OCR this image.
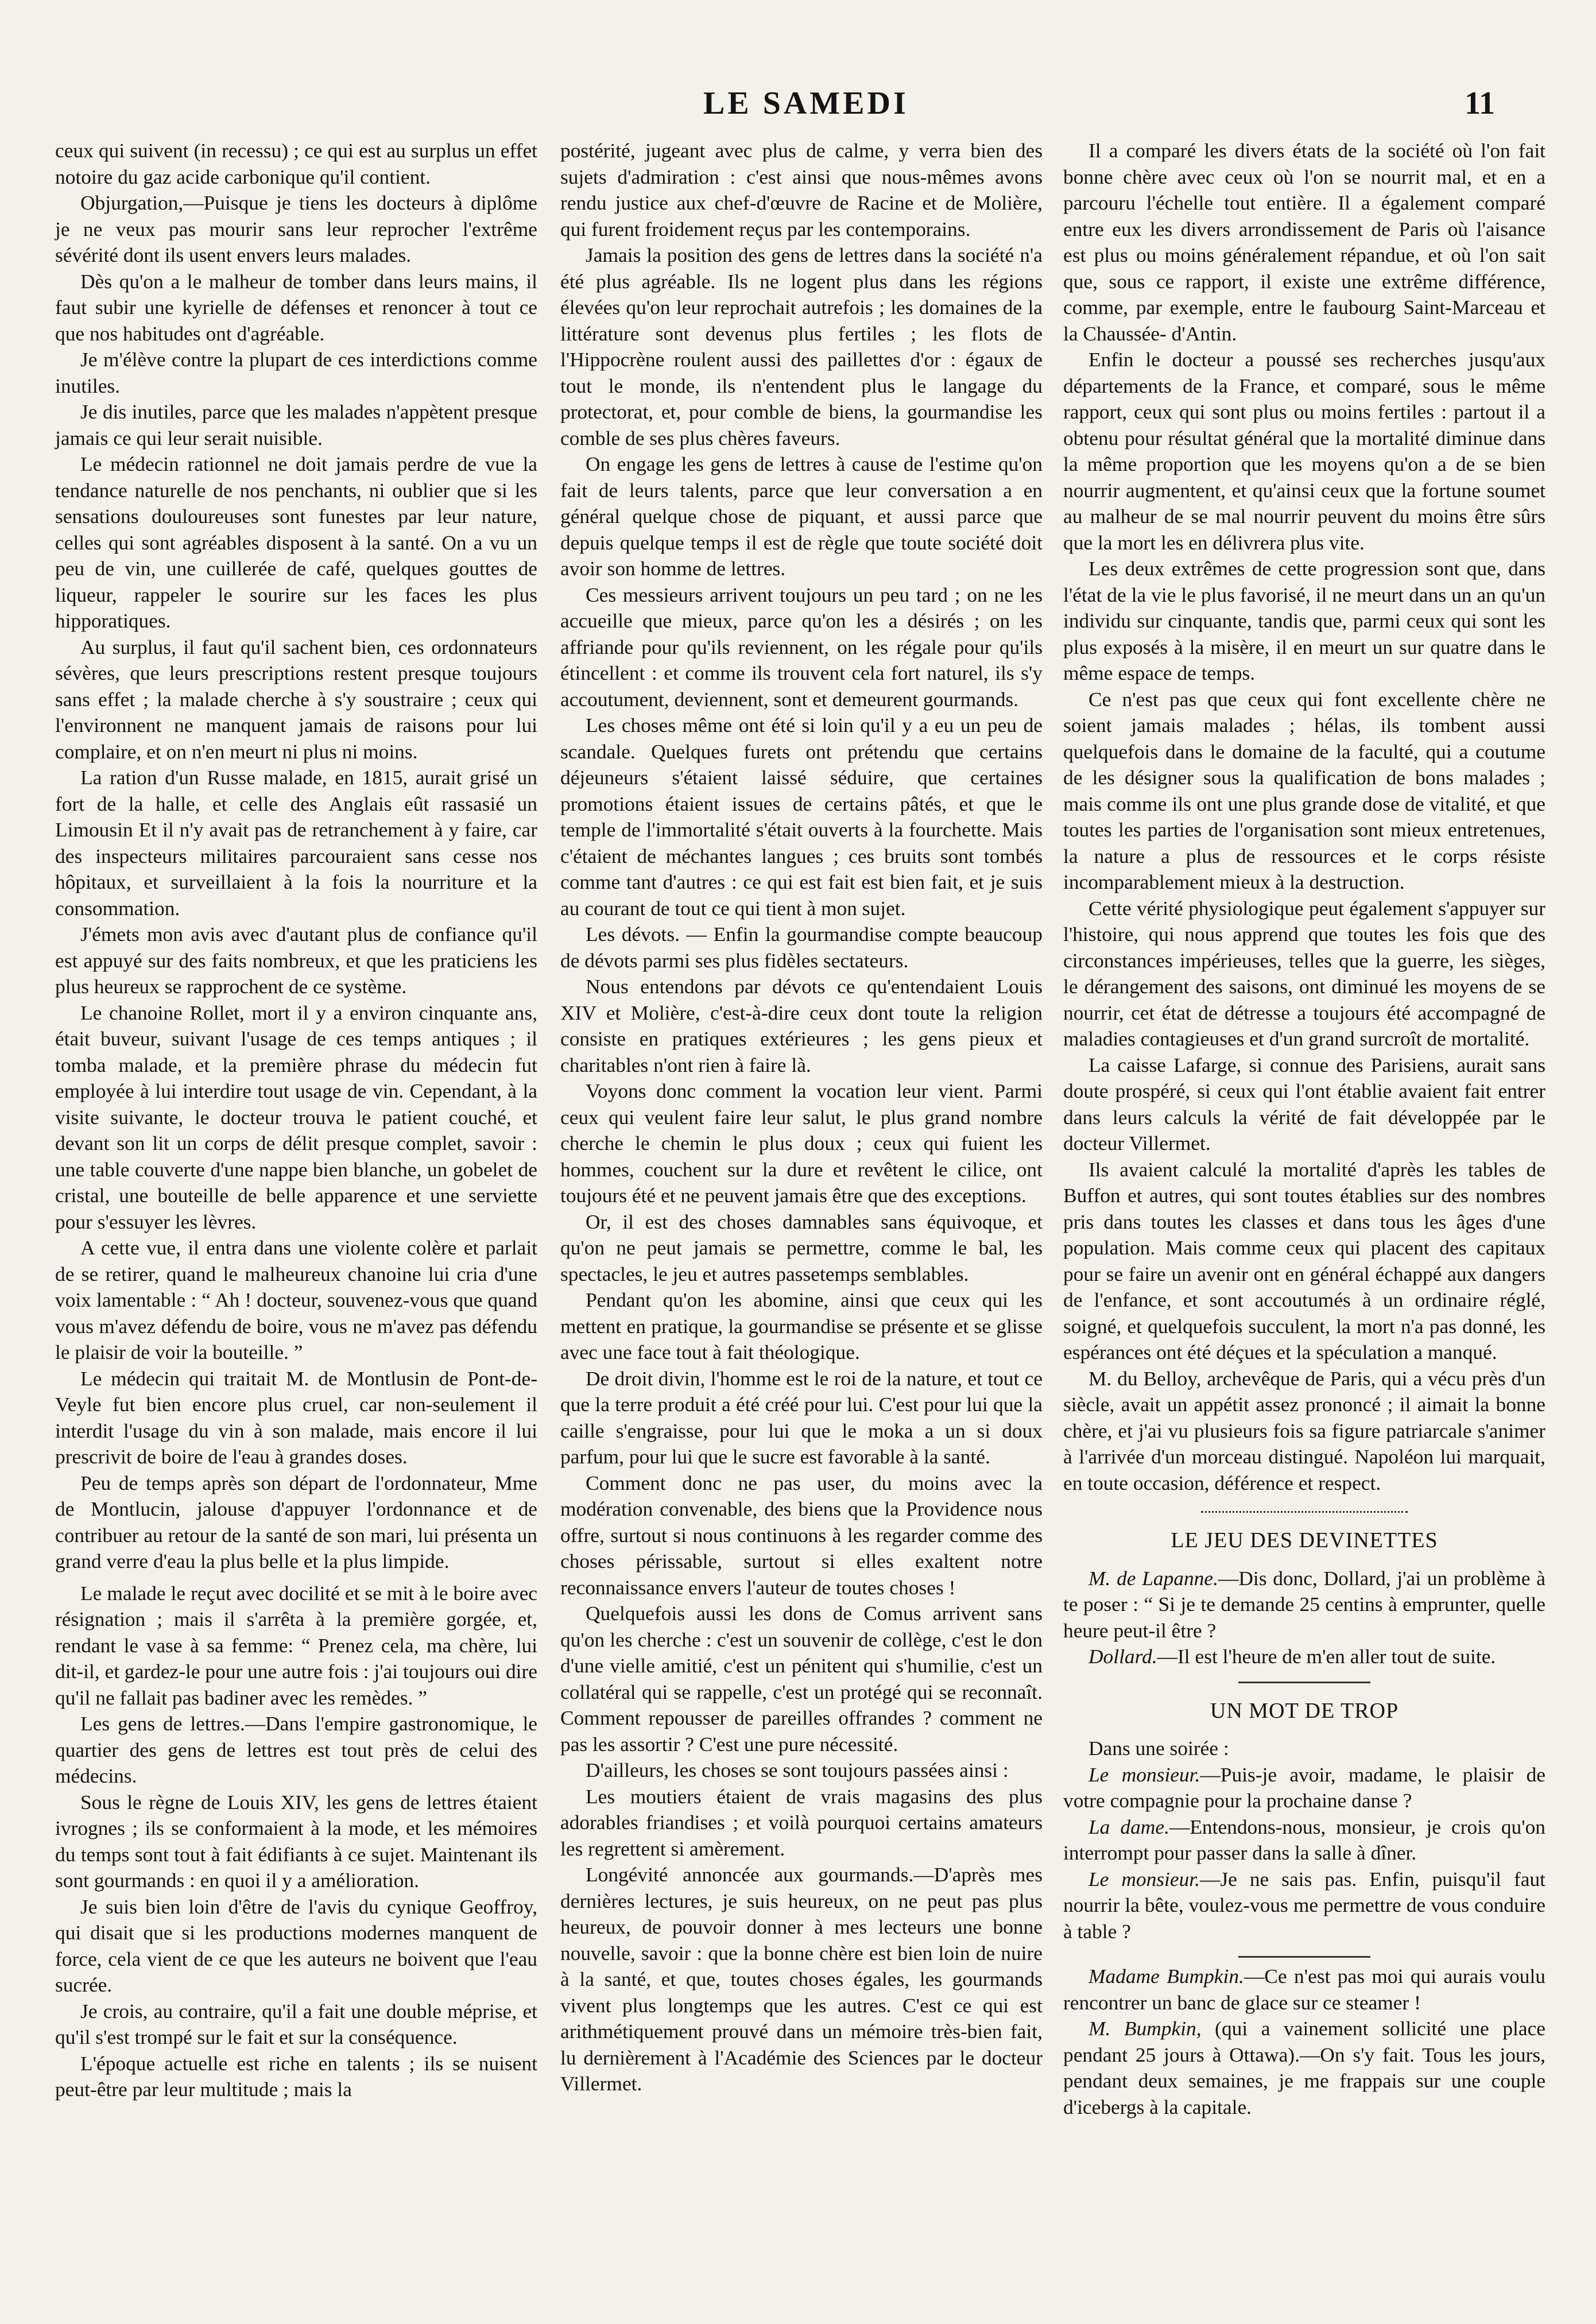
LE SAMEDI	11

ceux qui suivent (in recessu) ; ce qui est au surplus un effet notoire du gaz acide carbonique qu'il contient.

Objurgation,—Puisque je tiens les docteurs à diplôme je ne veux pas mourir sans leur reprocher l'extrême sévérité dont ils usent envers leurs malades.

Dès qu'on a le malheur de tomber dans leurs mains, il faut subir une kyrielle de défenses et renoncer à tout ce que nos habitudes ont d'agréable.

Je m'élève contre la plupart de ces interdictions comme inutiles.

Je dis inutiles, parce que les malades n'appètent presque jamais ce qui leur serait nuisible.

Le médecin rationnel ne doit jamais perdre de vue la tendance naturelle de nos penchants, ni oublier que si les sensations douloureuses sont funestes par leur nature, celles qui sont agréables disposent à la santé. On a vu un peu de vin, une cuillerée de café, quelques gouttes de liqueur, rappeler le sourire sur les faces les plus hipporatiques.

Au surplus, il faut qu'il sachent bien, ces ordonnateurs sévères, que leurs prescriptions restent presque toujours sans effet ; la malade cherche à s'y soustraire ; ceux qui l'environnent ne manquent jamais de raisons pour lui complaire, et on n'en meurt ni plus ni moins.

La ration d'un Russe malade, en 1815, aurait grisé un fort de la halle, et celle des Anglais eût rassasié un Limousin Et il n'y avait pas de retranchement à y faire, car des inspecteurs militaires parcouraient sans cesse nos hôpitaux, et surveillaient à la fois la nourriture et la consommation.

J'émets mon avis avec d'autant plus de confiance qu'il est appuyé sur des faits nombreux, et que les praticiens les plus heureux se rapprochent de ce système.

Le chanoine Rollet, mort il y a environ cinquante ans, était buveur, suivant l'usage de ces temps antiques ; il tomba malade, et la première phrase du médecin fut employée à lui interdire tout usage de vin. Cependant, à la visite suivante, le docteur trouva le patient couché, et devant son lit un corps de délit presque complet, savoir : une table couverte d'une nappe bien blanche, un gobelet de cristal, une bouteille de belle apparence et une serviette pour s'essuyer les lèvres.

A cette vue, il entra dans une violente colère et parlait de se retirer, quand le malheureux chanoine lui cria d'une voix lamentable : “ Ah ! docteur, souvenez-vous que quand vous m'avez défendu de boire, vous ne m'avez pas défendu le plaisir de voir la bouteille. ”

Le médecin qui traitait M. de Montlusin de Pont-de-Veyle fut bien encore plus cruel, car non-seulement il interdit l'usage du vin à son malade, mais encore il lui prescrivit de boire de l'eau à grandes doses.

Peu de temps après son départ de l'ordonnateur, Mme de Montlucin, jalouse d'appuyer l'ordonnance et de contribuer au retour de la santé de son mari, lui présenta un grand verre d'eau la plus belle et la plus limpide.

Le malade le reçut avec docilité et se mit à le boire avec résignation ; mais il s'arrêta à la première gorgée, et, rendant le vase à sa femme: “ Prenez cela, ma chère, lui dit-il, et gardez-le pour une autre fois : j'ai toujours oui dire qu'il ne fallait pas badiner avec les remèdes. ”

Les gens de lettres.—Dans l'empire gastronomique, le quartier des gens de lettres est tout près de celui des médecins.

Sous le règne de Louis XIV, les gens de lettres étaient ivrognes ; ils se conformaient à la mode, et les mémoires du temps sont tout à fait édifiants à ce sujet. Maintenant ils sont gourmands : en quoi il y a amélioration.

Je suis bien loin d'être de l'avis du cynique Geoffroy, qui disait que si les productions modernes manquent de force, cela vient de ce que les auteurs ne boivent que l'eau sucrée.

Je crois, au contraire, qu'il a fait une double méprise, et qu'il s'est trompé sur le fait et sur la conséquence.

L'époque actuelle est riche en talents ; ils se nuisent peut-être par leur multitude ; mais la

postérité, jugeant avec plus de calme, y verra bien des sujets d'admiration : c'est ainsi que nous-mêmes avons rendu justice aux chef-d'œuvre de Racine et de Molière, qui furent froidement reçus par les contemporains.

Jamais la position des gens de lettres dans la société n'a été plus agréable. Ils ne logent plus dans les régions élevées qu'on leur reprochait autrefois ; les domaines de la littérature sont devenus plus fertiles ; les flots de l'Hippocrène roulent aussi des paillettes d'or : égaux de tout le monde, ils n'entendent plus le langage du protectorat, et, pour comble de biens, la gourmandise les comble de ses plus chères faveurs.

On engage les gens de lettres à cause de l'estime qu'on fait de leurs talents, parce que leur conversation a en général quelque chose de piquant, et aussi parce que depuis quelque temps il est de règle que toute société doit avoir son homme de lettres.

Ces messieurs arrivent toujours un peu tard ; on ne les accueille que mieux, parce qu'on les a désirés ; on les affriande pour qu'ils reviennent, on les régale pour qu'ils étincellent : et comme ils trouvent cela fort naturel, ils s'y accoutument, deviennent, sont et demeurent gourmands.

Les choses même ont été si loin qu'il y a eu un peu de scandale. Quelques furets ont prétendu que certains déjeuneurs s'étaient laissé séduire, que certaines promotions étaient issues de certains pâtés, et que le temple de l'immortalité s'était ouverts à la fourchette. Mais c'étaient de méchantes langues ; ces bruits sont tombés comme tant d'autres : ce qui est fait est bien fait, et je suis au courant de tout ce qui tient à mon sujet.

Les dévots. — Enfin la gourmandise compte beaucoup de dévots parmi ses plus fidèles sectateurs.

Nous entendons par dévots ce qu'entendaient Louis XIV et Molière, c'est-à-dire ceux dont toute la religion consiste en pratiques extérieures ; les gens pieux et charitables n'ont rien à faire là.

Voyons donc comment la vocation leur vient. Parmi ceux qui veulent faire leur salut, le plus grand nombre cherche le chemin le plus doux ; ceux qui fuient les hommes, couchent sur la dure et revêtent le cilice, ont toujours été et ne peuvent jamais être que des exceptions.

Or, il est des choses damnables sans équivoque, et qu'on ne peut jamais se permettre, comme le bal, les spectacles, le jeu et autres passetemps semblables.

Pendant qu'on les abomine, ainsi que ceux qui les mettent en pratique, la gourmandise se présente et se glisse avec une face tout à fait théologique.

De droit divin, l'homme est le roi de la nature, et tout ce que la terre produit a été créé pour lui. C'est pour lui que la caille s'engraisse, pour lui que le moka a un si doux parfum, pour lui que le sucre est favorable à la santé.

Comment donc ne pas user, du moins avec la modération convenable, des biens que la Providence nous offre, surtout si nous continuons à les regarder comme des choses périssable, surtout si elles exaltent notre reconnaissance envers l'auteur de toutes choses !

Quelquefois aussi les dons de Comus arrivent sans qu'on les cherche : c'est un souvenir de collège, c'est le don d'une vielle amitié, c'est un pénitent qui s'humilie, c'est un collatéral qui se rappelle, c'est un protégé qui se reconnaît. Comment repousser de pareilles offrandes ? comment ne pas les assortir ? C'est une pure nécessité.

D'ailleurs, les choses se sont toujours passées ainsi :

Les moutiers étaient de vrais magasins des plus adorables friandises ; et voilà pourquoi certains amateurs les regrettent si amèrement.

Longévité annoncée aux gourmands.—D'après mes dernières lectures, je suis heureux, on ne peut pas plus heureux, de pouvoir donner à mes lecteurs une bonne nouvelle, savoir : que la bonne chère est bien loin de nuire à la santé, et que, toutes choses égales, les gourmands vivent plus longtemps que les autres. C'est ce qui est arithmétiquement prouvé dans un mémoire très-bien fait, lu dernièrement à l'Académie des Sciences par le docteur Villermet.

Il a comparé les divers états de la société où l'on fait bonne chère avec ceux où l'on se nourrit mal, et en a parcouru l'échelle tout entière. Il a également comparé entre eux les divers arrondissement de Paris où l'aisance est plus ou moins généralement répandue, et où l'on sait que, sous ce rapport, il existe une extrême différence, comme, par exemple, entre le faubourg Saint-Marceau et la Chaussée- d'Antin.

Enfin le docteur a poussé ses recherches jusqu'aux départements de la France, et comparé, sous le même rapport, ceux qui sont plus ou moins fertiles : partout il a obtenu pour résultat général que la mortalité diminue dans la même proportion que les moyens qu'on a de se bien nourrir augmentent, et qu'ainsi ceux que la fortune soumet au malheur de se mal nourrir peuvent du moins être sûrs que la mort les en délivrera plus vite.

Les deux extrêmes de cette progression sont que, dans l'état de la vie le plus favorisé, il ne meurt dans un an qu'un individu sur cinquante, tandis que, parmi ceux qui sont les plus exposés à la misère, il en meurt un sur quatre dans le même espace de temps.

Ce n'est pas que ceux qui font excellente chère ne soient jamais malades ; hélas, ils tombent aussi quelquefois dans le domaine de la faculté, qui a coutume de les désigner sous la qualification de bons malades ; mais comme ils ont une plus grande dose de vitalité, et que toutes les parties de l'organisation sont mieux entretenues, la nature a plus de ressources et le corps résiste incomparablement mieux à la destruction.

Cette vérité physiologique peut également s'appuyer sur l'histoire, qui nous apprend que toutes les fois que des circonstances impérieuses, telles que la guerre, les sièges, le dérangement des saisons, ont diminué les moyens de se nourrir, cet état de détresse a toujours été accompagné de maladies contagieuses et d'un grand surcroît de mortalité.

La caisse Lafarge, si connue des Parisiens, aurait sans doute prospéré, si ceux qui l'ont établie avaient fait entrer dans leurs calculs la vérité de fait développée par le docteur Villermet.

Ils avaient calculé la mortalité d'après les tables de Buffon et autres, qui sont toutes établies sur des nombres pris dans toutes les classes et dans tous les âges d'une population. Mais comme ceux qui placent des capitaux pour se faire un avenir ont en général échappé aux dangers de l'enfance, et sont accoutumés à un ordinaire réglé, soigné, et quelquefois succulent, la mort n'a pas donné, les espérances ont été déçues et la spéculation a manqué.

M. du Belloy, archevêque de Paris, qui a vécu près d'un siècle, avait un appétit assez prononcé ; il aimait la bonne chère, et j'ai vu plusieurs fois sa figure patriarcale s'animer à l'arrivée d'un morceau distingué. Napoléon lui marquait, en toute occasion, déférence et respect.

LE JEU DES DEVINETTES

M. de Lapanne.—Dis donc, Dollard, j'ai un problème à te poser : “ Si je te demande 25 centins à emprunter, quelle heure peut-il être ?

Dollard.—Il est l'heure de m'en aller tout de suite.

UN MOT DE TROP

Dans une soirée :

Le monsieur.—Puis-je avoir, madame, le plaisir de votre compagnie pour la prochaine danse ?

La dame.—Entendons-nous, monsieur, je crois qu'on interrompt pour passer dans la salle à dîner.

Le monsieur.—Je ne sais pas. Enfin, puisqu'il faut nourrir la bête, voulez-vous me permettre de vous conduire à table ?

Madame Bumpkin.—Ce n'est pas moi qui aurais voulu rencontrer un banc de glace sur ce steamer !

M. Bumpkin, (qui a vainement sollicité une place pendant 25 jours à Ottawa).—On s'y fait. Tous les jours, pendant deux semaines, je me frappais sur une couple d'icebergs à la capitale.
